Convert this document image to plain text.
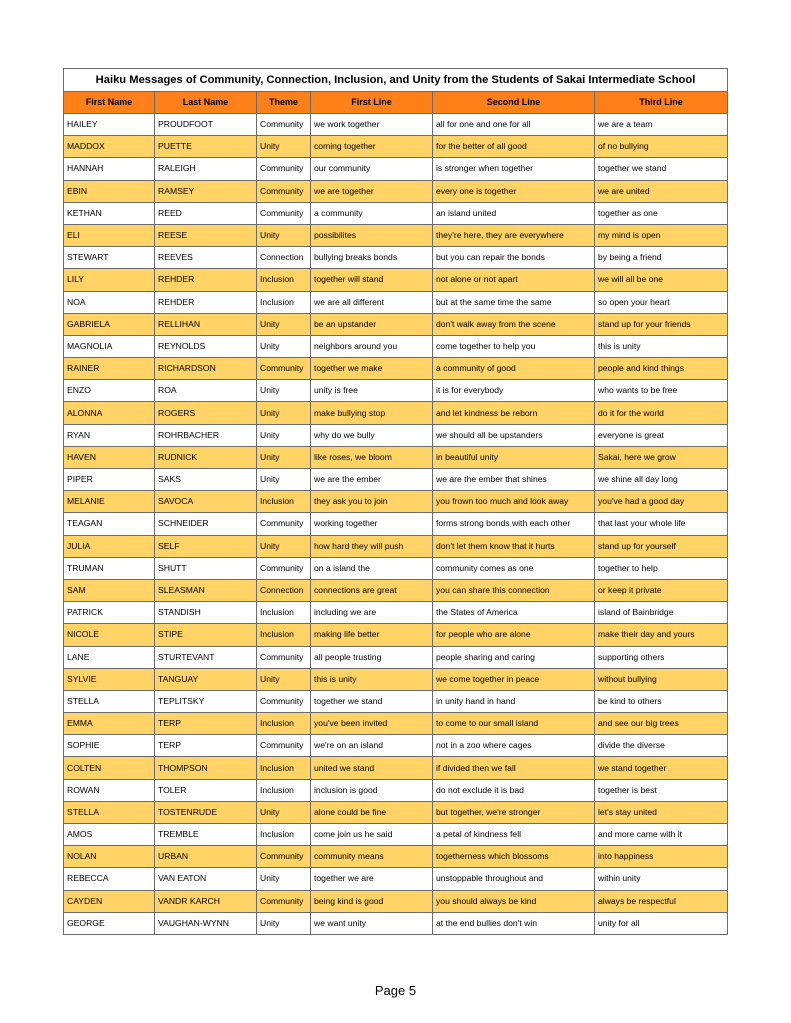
Haiku Messages of Community, Connection, Inclusion, and Unity from the Students of Sakai Intermediate School					
First Name	Last Name	Theme	First Line	Second Line	Third Line
HAILEY	PROUDFOOT	Community	we work together	all for one and one for all	we are a team
MADDOX	PUETTE	Unity	coming together	for the better of all good	of no bullying
HANNAH	RALEIGH	Community	our community	is stronger when together	together we stand
EBIN	RAMSEY	Community	we are together	every one is together	we are united
KETHAN	REED	Community	a community	an island united	together as one
ELI	REESE	Unity	possibilites	they're here, they are everywhere	my mind is open
STEWART	REEVES	Connection	bullying breaks bonds	but you can repair the bonds	by being a friend
LILY	REHDER	Inclusion	together will stand	not alone or not apart	we will all be one
NOA	REHDER	Inclusion	we are all different	but at the same time the same	so open your heart
GABRIELA	RELLIHAN	Unity	be an upstander	don't walk away from the scene	stand up for your friends
MAGNOLIA	REYNOLDS	Unity	neighbors around you	come together to help you	this is unity
RAINER	RICHARDSON	Community	together we make	a community of good	people and kind things
ENZO	ROA	Unity	unity is free	it is for everybody	who wants to be free
ALONNA	ROGERS	Unity	make bullying stop	and let kindness be reborn	do it for the world
RYAN	ROHRBACHER	Unity	why do we bully	we should all be upstanders	everyone is great
HAVEN	RUDNICK	Unity	like roses, we bloom	in beautiful unity	Sakai, here we grow
PIPER	SAKS	Unity	we are the ember	we are the ember that shines	we shine all day long
MELANIE	SAVOCA	Inclusion	they ask you to join	you frown too much and look away	you've had a good day
TEAGAN	SCHNEIDER	Community	working together	forms strong bonds with each other	that last your whole life
JULIA	SELF	Unity	how hard they will push	don't let them know that it hurts	stand up for yourself
TRUMAN	SHUTT	Community	on a island the	community comes as one	together to help
SAM	SLEASMAN	Connection	connections are great	you can share this connection	or keep it private
PATRICK	STANDISH	Inclusion	including we are	the States of America	island of Bainbridge
NICOLE	STIPE	Inclusion	making life better	for people who are alone	make their day and yours
LANE	STURTEVANT	Community	all people trusting	people sharing and caring	supporting others
SYLVIE	TANGUAY	Unity	this is unity	we come together in peace	without bullying
STELLA	TEPLITSKY	Community	together we stand	in unity hand in hand	be kind to others
EMMA	TERP	Inclusion	you've been invited	to come to our small island	and see our big trees
SOPHIE	TERP	Community	we're on an island	not in a zoo where cages	divide the diverse
COLTEN	THOMPSON	Inclusion	united we stand	if divided then we fall	we stand together
ROWAN	TOLER	Inclusion	inclusion is good	do not exclude it is bad	together is best
STELLA	TOSTENRUDE	Unity	alone could be fine	but together, we're stronger	let's stay united
AMOS	TREMBLE	Inclusion	come join us he said	a petal of kindness fell	and more came with it
NOLAN	URBAN	Community	community means	togetherness which blossoms	into happiness
REBECCA	VAN EATON	Unity	together we are	unstoppable throughout and	within unity
CAYDEN	VANDR KARCH	Community	being kind is good	you should always be kind	always be respectful
GEORGE	VAUGHAN-WYNN	Unity	we want unity	at the end bullies don't win	unity for all
Page 5
